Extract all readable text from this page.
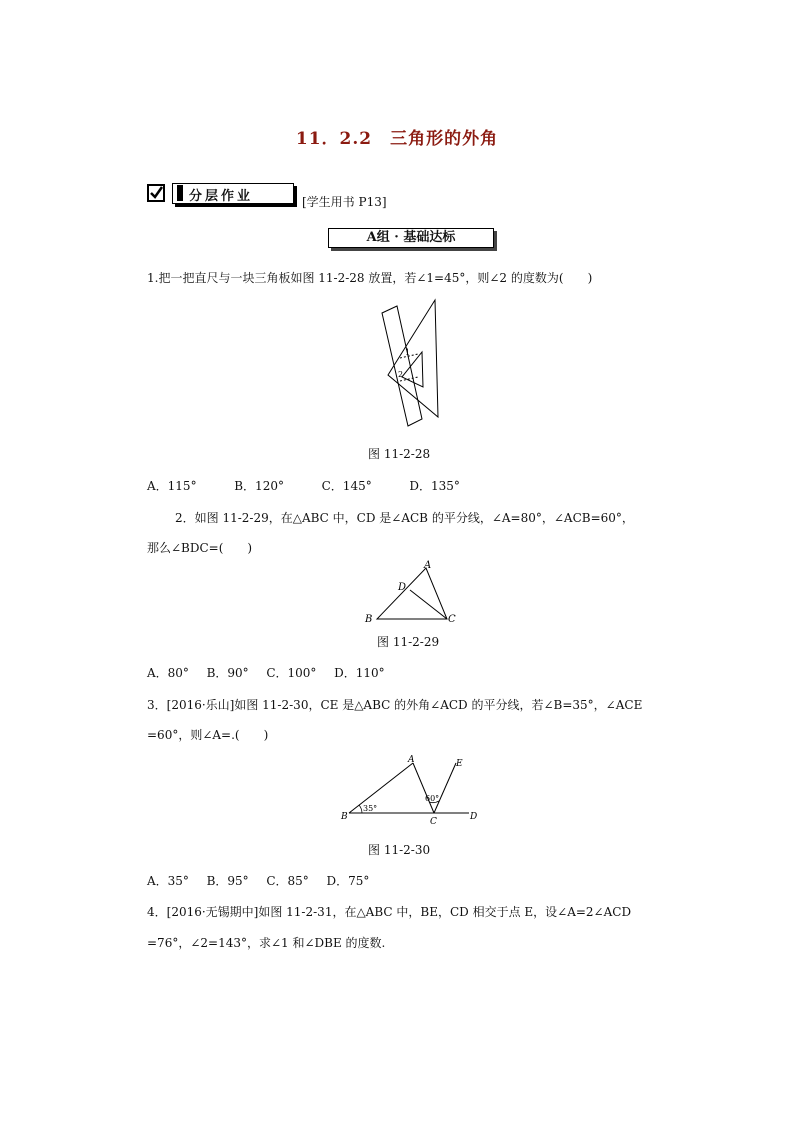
11．2.2　三角形的外角
分层作业	[学生用书 P13]
A组 · 基础达标
1.把一把直尺与一块三角板如图 11-2-28 放置，若∠1=45°，则∠2 的度数为(　　)
1
2
图 11-2-28
A．115°	B．120°	C．145°	D．135°
2．如图 11-2-29，在△ABC 中，CD 是∠ACB 的平分线，∠A=80°，∠ACB=60°，
那么∠BDC=(　　)
A
B	C
D
图 11-2-29
A．80° B．90° C．100° D．110°
3．[2016·乐山]如图 11-2-30，CE 是△ABC 的外角∠ACD 的平分线，若∠B=35°，∠ACE
=60°，则∠A=.(　　)
A	E
B	C	D
35°
60°
图 11-2-30
A．35° B．95° C．85° D．75°
4．[2016·无锡期中]如图 11-2-31，在△ABC 中，BE，CD 相交于点 E，设∠A=2∠ACD
=76°，∠2=143°，求∠1 和∠DBE 的度数.
